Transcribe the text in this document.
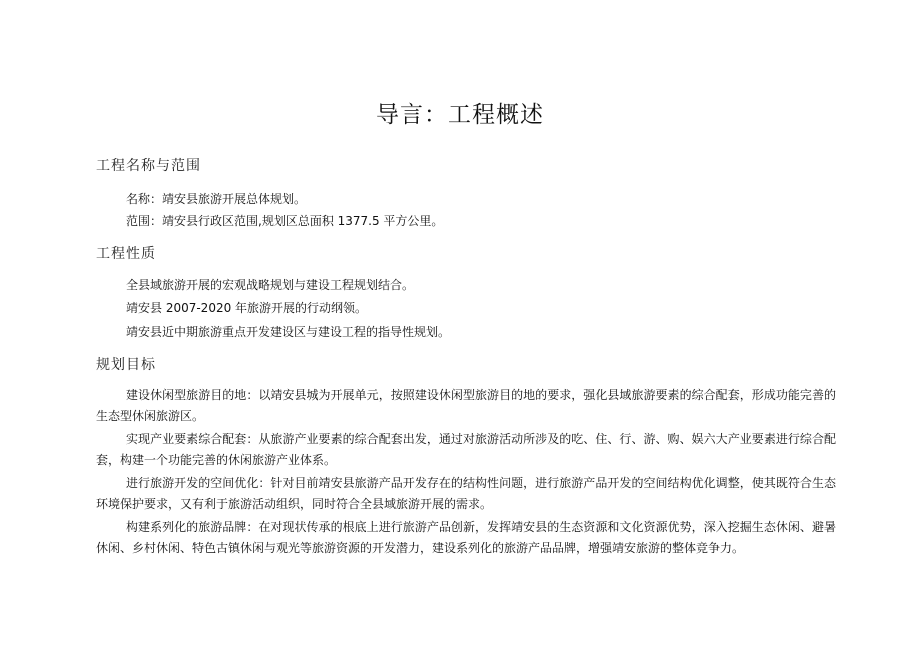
导言：工程概述
工程名称与范围
名称：靖安县旅游开展总体规划。
范围：靖安县行政区范围,规划区总面积 1377.5 平方公里。
工程性质
全县域旅游开展的宏观战略规划与建设工程规划结合。
靖安县 2007-2020 年旅游开展的行动纲领。
靖安县近中期旅游重点开发建设区与建设工程的指导性规划。
规划目标
建设休闲型旅游目的地：以靖安县城为开展单元，按照建设休闲型旅游目的地的要求，强化县域旅游要素的综合配套，形成功能完善的生态型休闲旅游区。
实现产业要素综合配套：从旅游产业要素的综合配套出发，通过对旅游活动所涉及的吃、住、行、游、购、娱六大产业要素进行综合配套，构建一个功能完善的休闲旅游产业体系。
进行旅游开发的空间优化：针对目前靖安县旅游产品开发存在的结构性问题，进行旅游产品开发的空间结构优化调整，使其既符合生态环境保护要求，又有利于旅游活动组织，同时符合全县域旅游开展的需求。
构建系列化的旅游品牌：在对现状传承的根底上进行旅游产品创新，发挥靖安县的生态资源和文化资源优势，深入挖掘生态休闲、避暑休闲、乡村休闲、特色古镇休闲与观光等旅游资源的开发潜力，建设系列化的旅游产品品牌，增强靖安旅游的整体竞争力。
